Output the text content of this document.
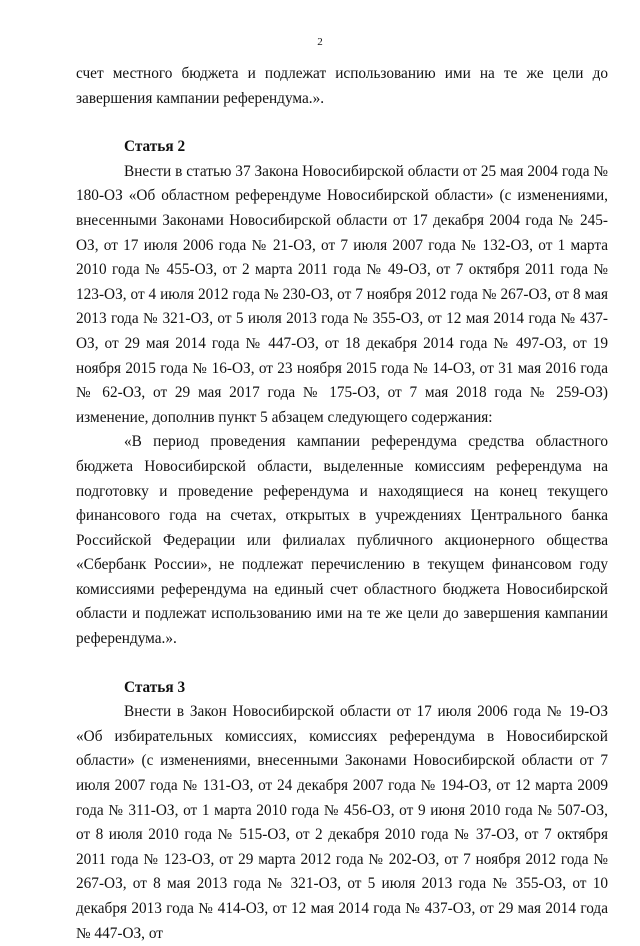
2

счет местного бюджета и подлежат использованию ими на те же цели до завершения кампании референдума.».

Статья 2

Внести в статью 37 Закона Новосибирской области от 25 мая 2004 года № 180-ОЗ «Об областном референдуме Новосибирской области» (с изменениями, внесенными Законами Новосибирской области от 17 декабря 2004 года № 245-ОЗ, от 17 июля 2006 года № 21-ОЗ, от 7 июля 2007 года № 132-ОЗ, от 1 марта 2010 года № 455-ОЗ, от 2 марта 2011 года № 49-ОЗ, от 7 октября 2011 года № 123-ОЗ, от 4 июля 2012 года № 230-ОЗ, от 7 ноября 2012 года № 267-ОЗ, от 8 мая 2013 года № 321-ОЗ, от 5 июля 2013 года № 355-ОЗ, от 12 мая 2014 года № 437-ОЗ, от 29 мая 2014 года № 447-ОЗ, от 18 декабря 2014 года № 497-ОЗ, от 19 ноября 2015 года № 16-ОЗ, от 23 ноября 2015 года № 14-ОЗ, от 31 мая 2016 года № 62-ОЗ, от 29 мая 2017 года № 175-ОЗ, от 7 мая 2018 года № 259-ОЗ) изменение, дополнив пункт 5 абзацем следующего содержания:

«В период проведения кампании референдума средства областного бюджета Новосибирской области, выделенные комиссиям референдума на подготовку и проведение референдума и находящиеся на конец текущего финансового года на счетах, открытых в учреждениях Центрального банка Российской Федерации или филиалах публичного акционерного общества «Сбербанк России», не подлежат перечислению в текущем финансовом году комиссиями референдума на единый счет областного бюджета Новосибирской области и подлежат использованию ими на те же цели до завершения кампании референдума.».

Статья 3

Внести в Закон Новосибирской области от 17 июля 2006 года № 19-ОЗ «Об избирательных комиссиях, комиссиях референдума в Новосибирской области» (с изменениями, внесенными Законами Новосибирской области от 7 июля 2007 года № 131-ОЗ, от 24 декабря 2007 года № 194-ОЗ, от 12 марта 2009 года № 311-ОЗ, от 1 марта 2010 года № 456-ОЗ, от 9 июня 2010 года № 507-ОЗ, от 8 июля 2010 года № 515-ОЗ, от 2 декабря 2010 года № 37-ОЗ, от 7 октября 2011 года № 123-ОЗ, от 29 марта 2012 года № 202-ОЗ, от 7 ноября 2012 года № 267-ОЗ, от 8 мая 2013 года № 321-ОЗ, от 5 июля 2013 года № 355-ОЗ, от 10 декабря 2013 года № 414-ОЗ, от 12 мая 2014 года № 437-ОЗ, от 29 мая 2014 года № 447-ОЗ, от
